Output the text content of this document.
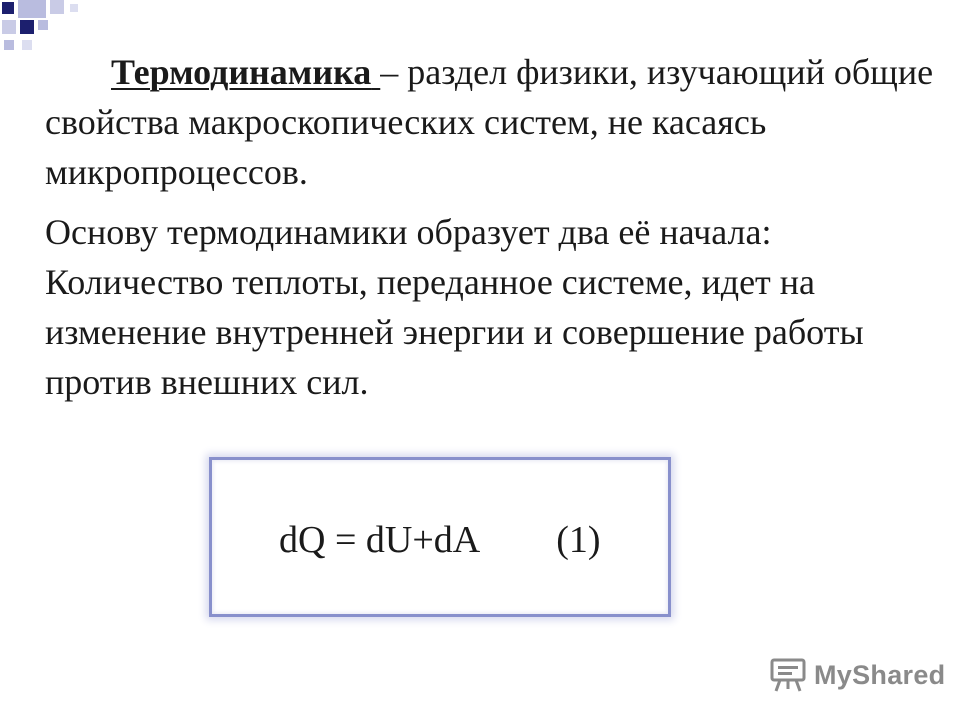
Термодинамика – раздел физики, изучающий общие свойства макроскопических систем, не касаясь микропроцессов.

Основу термодинамики образует два её начала:
Количество теплоты, переданное системе, идет на изменение внутренней энергии и совершение работы против внешних сил.

dQ = dU+dA (1)
MyShared
